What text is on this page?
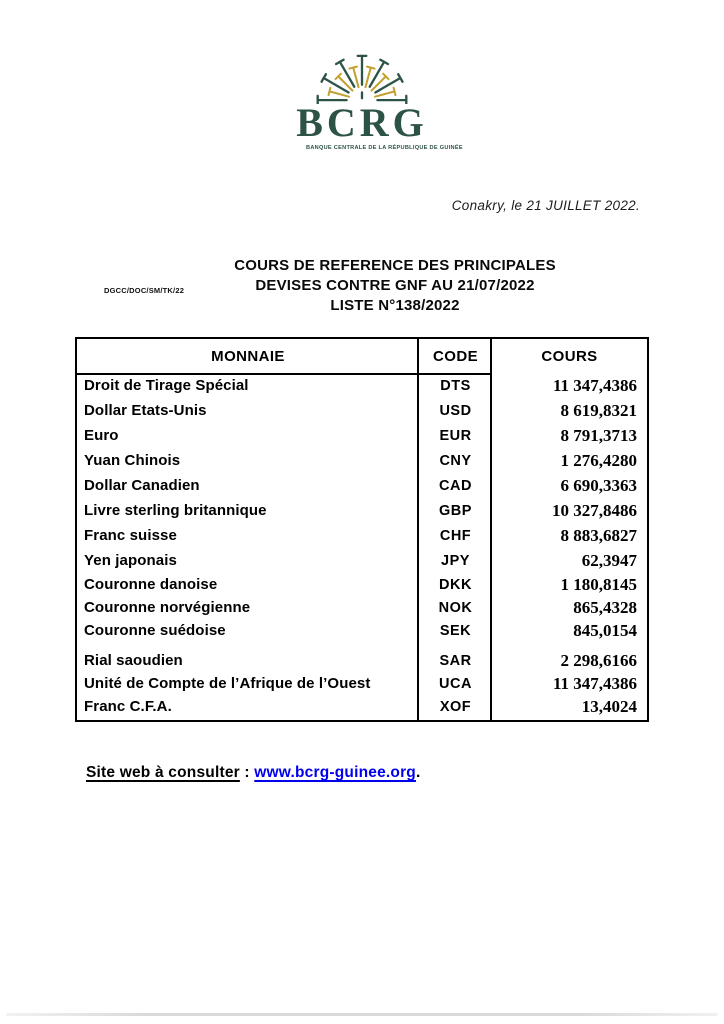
BCRG
BANQUE CENTRALE DE LA RÉPUBLIQUE DE GUINÉE
Conakry, le 21 JUILLET 2022.
DGCC/DOC/SM/TK/22
COURS DE REFERENCE DES PRINCIPALES
DEVISES CONTRE GNF AU 21/07/2022
LISTE N°138/2022
MONNAIE	CODE	COURS
Droit de Tirage Spécial	DTS	11 347,4386
Dollar Etats-Unis	USD	8 619,8321
Euro	EUR	8 791,3713
Yuan Chinois	CNY	1 276,4280
Dollar Canadien	CAD	6 690,3363
Livre sterling britannique	GBP	10 327,8486
Franc suisse	CHF	8 883,6827
Yen japonais	JPY	62,3947
Couronne danoise	DKK	1 180,8145
Couronne norvégienne	NOK	865,4328
Couronne suédoise	SEK	845,0154
Rial saoudien	SAR	2 298,6166
Unité de Compte de l’Afrique de l’Ouest	UCA	11 347,4386
Franc C.F.A.	XOF	13,4024
Site web à consulter : www.bcrg-guinee.org.
